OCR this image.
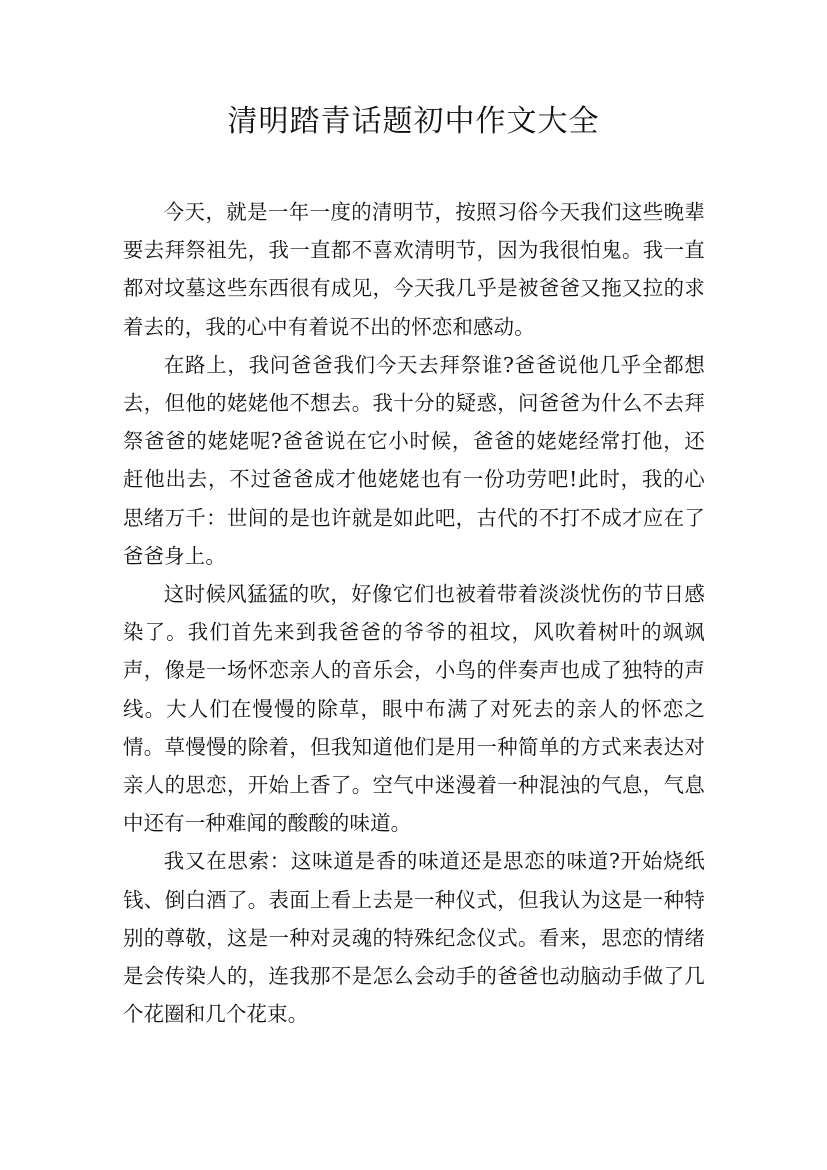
清明踏青话题初中作文大全

今天，就是一年一度的清明节，按照习俗今天我们这些晚辈要去拜祭祖先，我一直都不喜欢清明节，因为我很怕鬼。我一直都对坟墓这些东西很有成见，今天我几乎是被爸爸又拖又拉的求着去的，我的心中有着说不出的怀恋和感动。

在路上，我问爸爸我们今天去拜祭谁?爸爸说他几乎全都想去，但他的姥姥他不想去。我十分的疑惑，问爸爸为什么不去拜祭爸爸的姥姥呢?爸爸说在它小时候，爸爸的姥姥经常打他，还赶他出去，不过爸爸成才他姥姥也有一份功劳吧!此时，我的心思绪万千：世间的是也许就是如此吧，古代的不打不成才应在了爸爸身上。

这时候风猛猛的吹，好像它们也被着带着淡淡忧伤的节日感染了。我们首先来到我爸爸的爷爷的祖坟，风吹着树叶的飒飒声，像是一场怀恋亲人的音乐会，小鸟的伴奏声也成了独特的声线。大人们在慢慢的除草，眼中布满了对死去的亲人的怀恋之情。草慢慢的除着，但我知道他们是用一种简单的方式来表达对亲人的思恋，开始上香了。空气中迷漫着一种混浊的气息，气息中还有一种难闻的酸酸的味道。

我又在思索：这味道是香的味道还是思恋的味道?开始烧纸钱、倒白酒了。表面上看上去是一种仪式，但我认为这是一种特别的尊敬，这是一种对灵魂的特殊纪念仪式。看来，思恋的情绪是会传染人的，连我那不是怎么会动手的爸爸也动脑动手做了几个花圈和几个花束。
